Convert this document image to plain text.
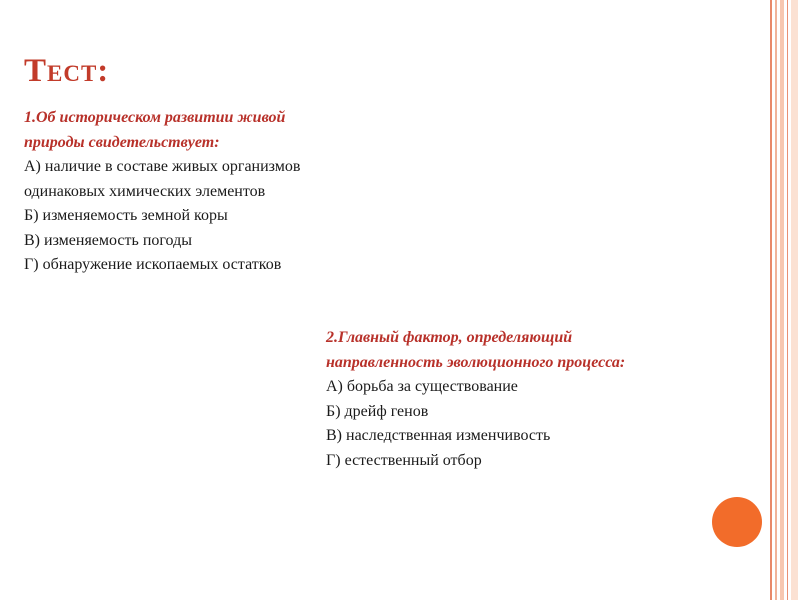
Тест:
1.Об историческом развитии живой
природы свидетельствует:
А) наличие в составе живых организмов
одинаковых химических элементов
Б) изменяемость земной коры
В) изменяемость погоды
Г) обнаружение ископаемых остатков
2.Главный фактор, определяющий
направленность эволюционного процесса:
А) борьба за существование
Б) дрейф генов
В) наследственная изменчивость
Г) естественный отбор
